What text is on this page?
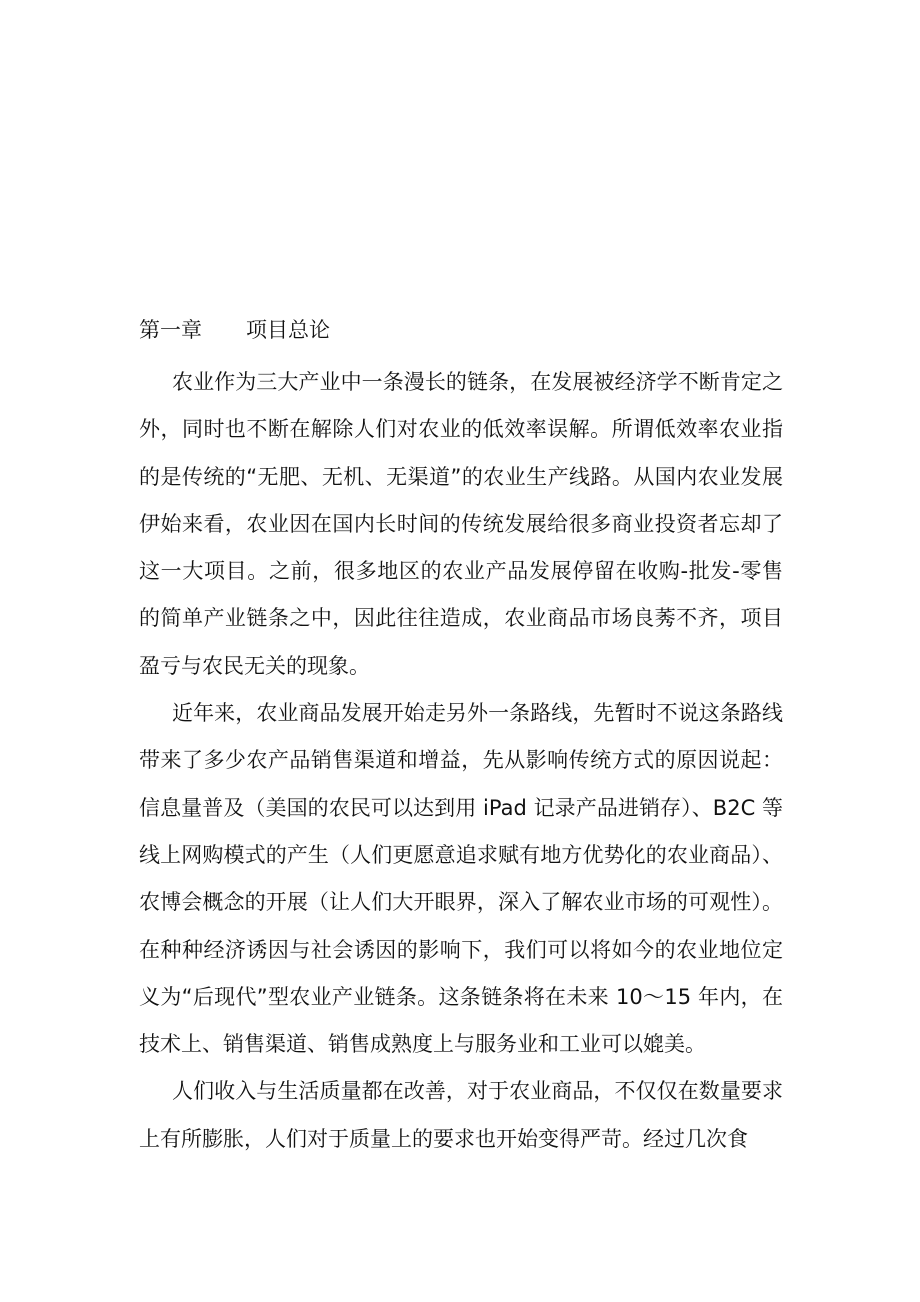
第一章 项目总论

农业作为三大产业中一条漫长的链条，在发展被经济学不断肯定之外，同时也不断在解除人们对农业的低效率误解。所谓低效率农业指的是传统的“无肥、无机、无渠道”的农业生产线路。从国内农业发展伊始来看，农业因在国内长时间的传统发展给很多商业投资者忘却了这一大项目。之前，很多地区的农业产品发展停留在收购-批发-零售的简单产业链条之中，因此往往造成，农业商品市场良莠不齐，项目盈亏与农民无关的现象。

近年来，农业商品发展开始走另外一条路线，先暂时不说这条路线带来了多少农产品销售渠道和增益，先从影响传统方式的原因说起：信息量普及（美国的农民可以达到用 iPad 记录产品进销存）、B2C 等线上网购模式的产生（人们更愿意追求赋有地方优势化的农业商品）、农博会概念的开展（让人们大开眼界，深入了解农业市场的可观性）。在种种经济诱因与社会诱因的影响下，我们可以将如今的农业地位定义为“后现代”型农业产业链条。这条链条将在未来 10～15 年内，在技术上、销售渠道、销售成熟度上与服务业和工业可以媲美。

人们收入与生活质量都在改善，对于农业商品，不仅仅在数量要求上有所膨胀，人们对于质量上的要求也开始变得严苛。经过几次食
